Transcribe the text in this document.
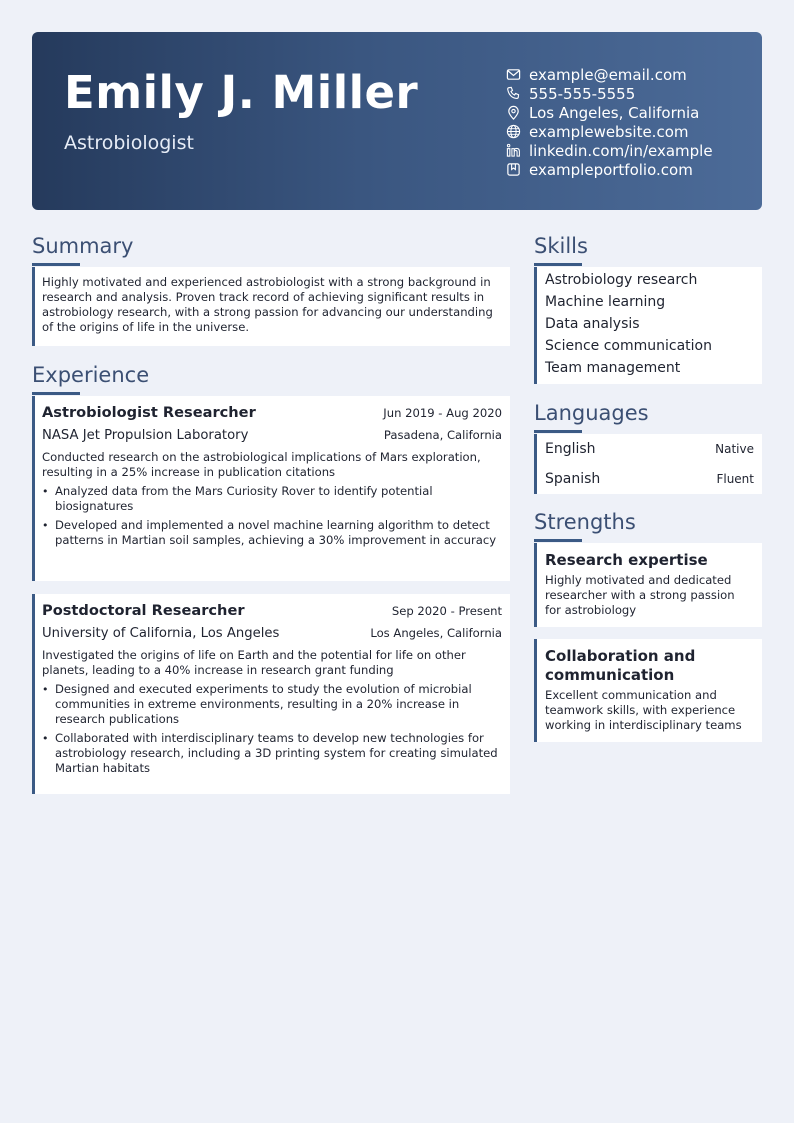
Emily J. Miller
Astrobiologist
example@email.com
555-555-5555
Los Angeles, California
examplewebsite.com
linkedin.com/in/example
exampleportfolio.com
Summary
Highly motivated and experienced astrobiologist with a strong background in research and analysis. Proven track record of achieving significant results in astrobiology research, with a strong passion for advancing our understanding of the origins of life in the universe.
Experience
Astrobiologist Researcher	Jun 2019 - Aug 2020
NASA Jet Propulsion Laboratory	Pasadena, California
Conducted research on the astrobiological implications of Mars exploration, resulting in a 25% increase in publication citations
• Analyzed data from the Mars Curiosity Rover to identify potential biosignatures
• Developed and implemented a novel machine learning algorithm to detect patterns in Martian soil samples, achieving a 30% improvement in accuracy
Postdoctoral Researcher	Sep 2020 - Present
University of California, Los Angeles	Los Angeles, California
Investigated the origins of life on Earth and the potential for life on other planets, leading to a 40% increase in research grant funding
• Designed and executed experiments to study the evolution of microbial communities in extreme environments, resulting in a 20% increase in research publications
• Collaborated with interdisciplinary teams to develop new technologies for astrobiology research, including a 3D printing system for creating simulated Martian habitats
Skills
Astrobiology research
Machine learning
Data analysis
Science communication
Team management
Languages
English	Native
Spanish	Fluent
Strengths
Research expertise
Highly motivated and dedicated researcher with a strong passion for astrobiology
Collaboration and communication
Excellent communication and teamwork skills, with experience working in interdisciplinary teams
